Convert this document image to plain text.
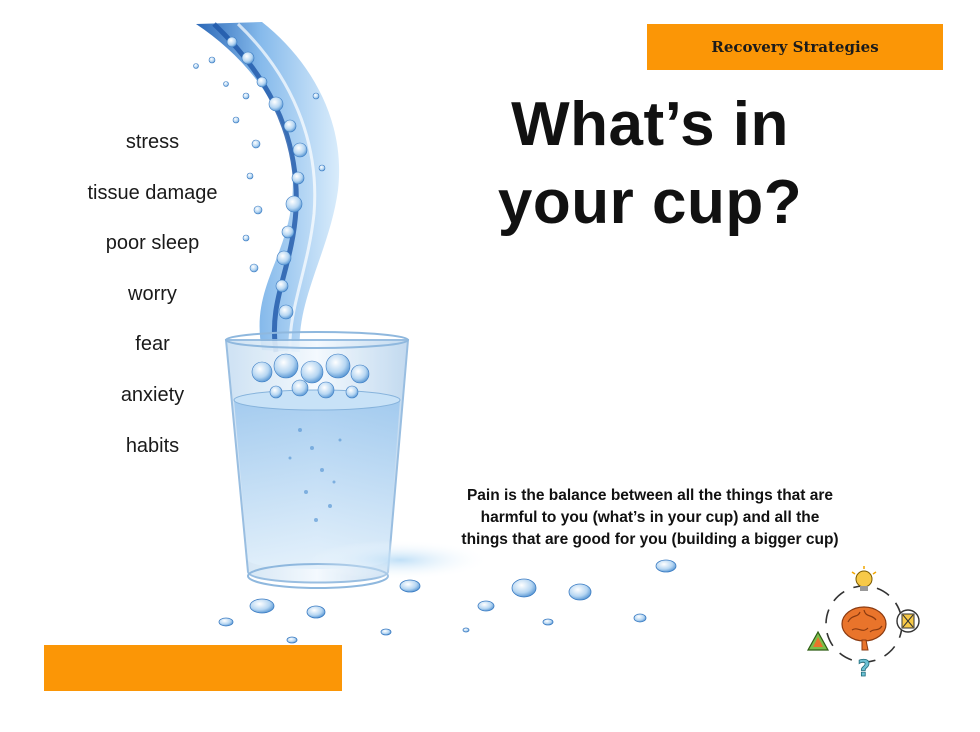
Recovery Strategies
What’s in
your cup?
stress
tissue damage
poor sleep
worry
fear
anxiety
habits
Pain is the balance between all the things that are
harmful to you (what’s in your cup) and all the
things that are good for you (building a bigger cup)
?
